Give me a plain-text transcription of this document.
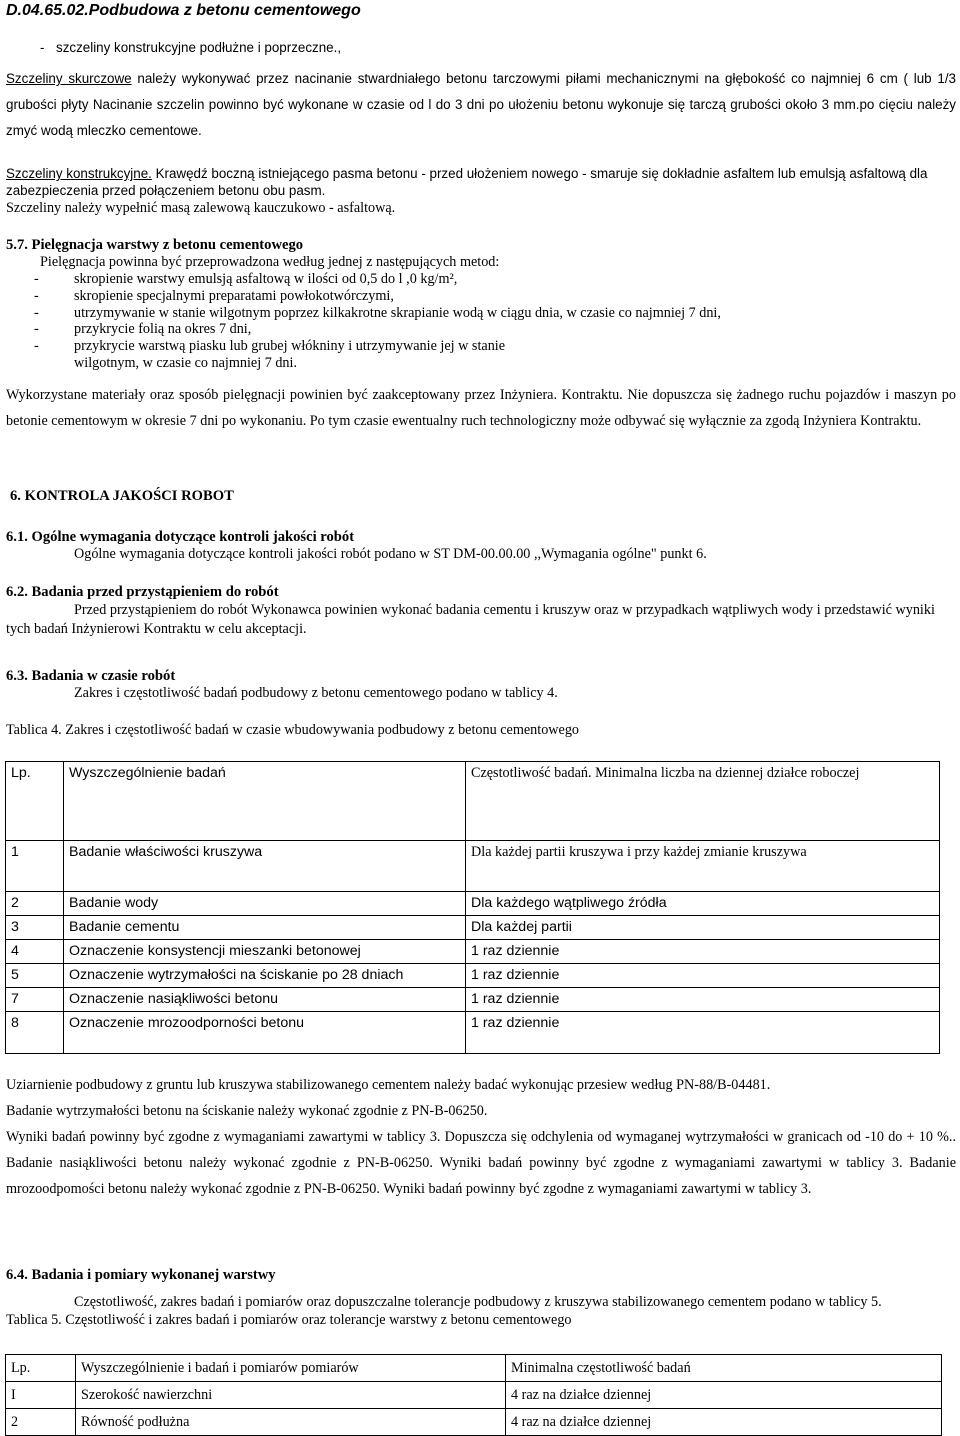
D.04.65.02.Podbudowa z betonu cementowego

- szczeliny konstrukcyjne podłużne i poprzeczne.,

Szczeliny skurczowe należy wykonywać przez nacinanie stwardniałego betonu tarczowymi piłami mechanicznymi na głębokość co najmniej 6 cm ( lub 1/3 grubości płyty Nacinanie szczelin powinno być wykonane w czasie od l do 3 dni po ułożeniu betonu wykonuje się tarczą grubości około 3 mm.po cięciu należy zmyć wodą mleczko cementowe.

Szczeliny konstrukcyjne. Krawędź boczną istniejącego pasma betonu - przed ułożeniem nowego - smaruje się dokładnie asfaltem lub emulsją asfaltową dla zabezpieczenia przed połączeniem betonu obu pasm.

Szczeliny należy wypełnić masą zalewową kauczukowo - asfaltową.

5.7. Pielęgnacja warstwy z betonu cementowego

Pielęgnacja powinna być przeprowadzona według jednej z następujących metod:

- skropienie warstwy emulsją asfaltową w ilości od 0,5 do l ,0 kg/m²,
- skropienie specjalnymi preparatami powłokotwórczymi,
- utrzymywanie w stanie wilgotnym poprzez kilkakrotne skrapianie wodą w ciągu dnia, w czasie co najmniej 7 dni,
- przykrycie folią na okres 7 dni,
- przykrycie warstwą piasku lub grubej włókniny i utrzymywanie jej w stanie
wilgotnym, w czasie co najmniej 7 dni.

Wykorzystane materiały oraz sposób pielęgnacji powinien być zaakceptowany przez Inżyniera. Kontraktu. Nie dopuszcza się żadnego ruchu pojazdów i maszyn po betonie cementowym w okresie 7 dni po wykonaniu. Po tym czasie ewentualny ruch technologiczny może odbywać się wyłącznie za zgodą Inżyniera Kontraktu.

6. KONTROLA JAKOŚCI ROBOT

6.1. Ogólne wymagania dotyczące kontroli jakości robót

Ogólne wymagania dotyczące kontroli jakości robót podano w ST DM-00.00.00 ,,Wymagania ogólne" punkt 6.

6.2. Badania przed przystąpieniem do robót

Przed przystąpieniem do robót Wykonawca powinien wykonać badania cementu i kruszyw oraz w przypadkach wątpliwych wody i przedstawić wyniki tych badań Inżynierowi Kontraktu w celu akceptacji.

6.3. Badania w czasie robót

Zakres i częstotliwość badań podbudowy z betonu cementowego podano w tablicy 4.

Tablica 4. Zakres i częstotliwość badań w czasie wbudowywania podbudowy z betonu cementowego

Lp.	Wyszczególnienie badań	Częstotliwość badań. Minimalna liczba na dziennej działce roboczej
1	Badanie właściwości kruszywa	Dla każdej partii kruszywa i przy każdej zmianie kruszywa
2	Badanie wody	Dla każdego wątpliwego źródła
3	Badanie cementu	Dla każdej partii
4	Oznaczenie konsystencji mieszanki betonowej	1 raz dziennie
5	Oznaczenie wytrzymałości na ściskanie po 28 dniach	1 raz dziennie
7	Oznaczenie nasiąkliwości betonu	1 raz dziennie
8	Oznaczenie mrozoodporności betonu	1 raz dziennie

Uziarnienie podbudowy z gruntu lub kruszywa stabilizowanego cementem należy badać wykonując przesiew według PN-88/B-04481.

Badanie wytrzymałości betonu na ściskanie należy wykonać zgodnie z PN-B-06250.

Wyniki badań powinny być zgodne z wymaganiami zawartymi w tablicy 3. Dopuszcza się odchylenia od wymaganej wytrzymałości w granicach od -10 do + 10 %.. Badanie nasiąkliwości betonu należy wykonać zgodnie z PN-B-06250. Wyniki badań powinny być zgodne z wymaganiami zawartymi w tablicy 3. Badanie mrozoodpomości betonu należy wykonać zgodnie z PN-B-06250. Wyniki badań powinny być zgodne z wymaganiami zawartymi w tablicy 3.

6.4. Badania i pomiary wykonanej warstwy

Częstotliwość, zakres badań i pomiarów oraz dopuszczalne tolerancje podbudowy z kruszywa stabilizowanego cementem podano w tablicy 5.

Tablica 5. Częstotliwość i zakres badań i pomiarów oraz tolerancje warstwy z betonu cementowego

Lp.	Wyszczególnienie i badań i pomiarów pomiarów	Minimalna częstotliwość badań
I	Szerokość nawierzchni	4 raz na działce dziennej
2	Równość podłużna	4 raz na działce dziennej
